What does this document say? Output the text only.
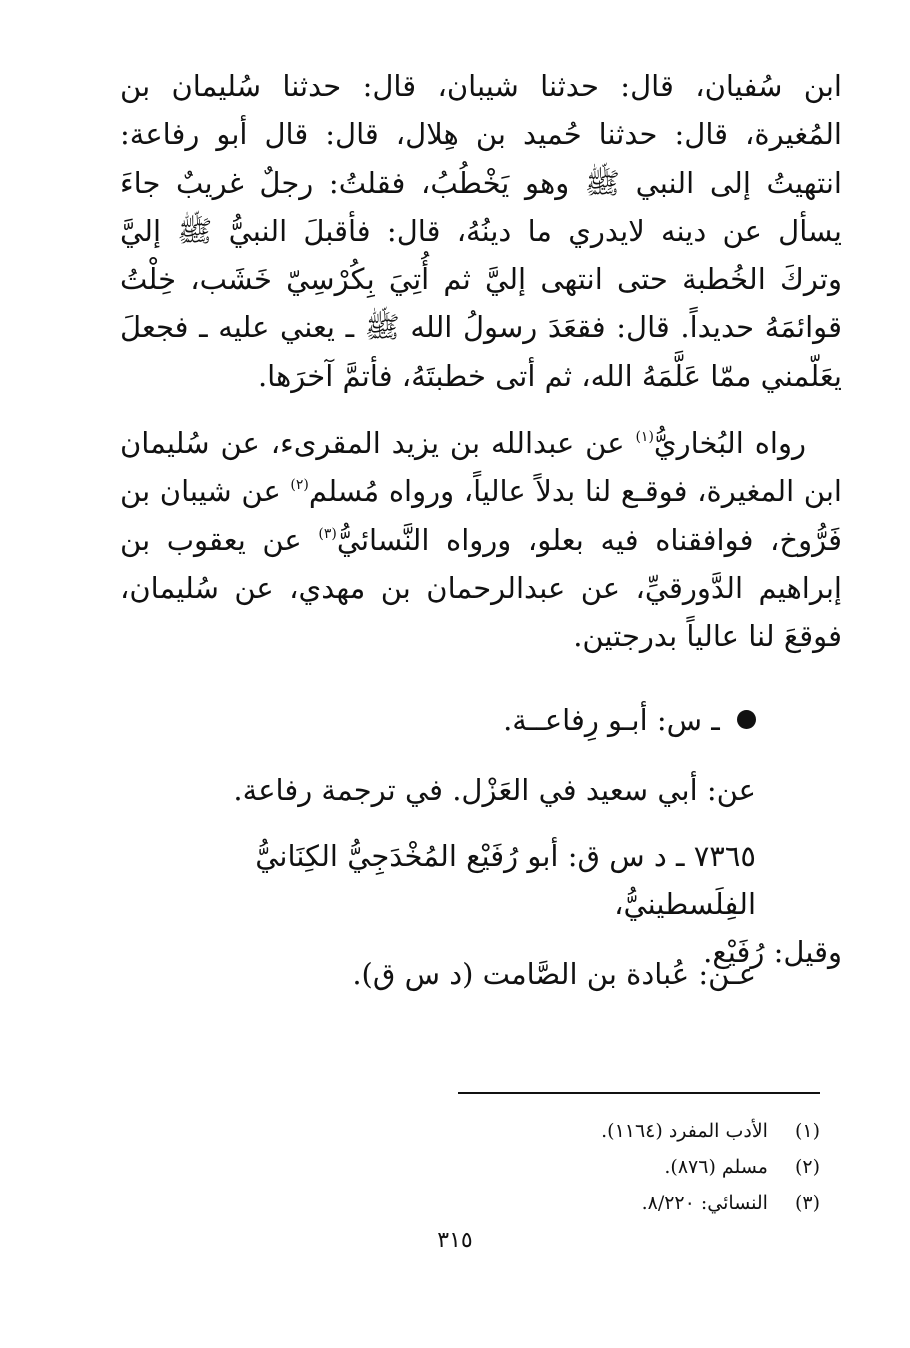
ابن سُفيان، قال: حدثنا شيبان، قال: حدثنا سُليمان بن المُغيرة، قال: حدثنا حُميد بن هِلال، قال: قال أبو رفاعة: انتهيتُ إلى النبي ﷺ وهو يَخْطُبُ، فقلتُ: رجلٌ غريبٌ جاءَ يسأل عن دينه لايدري ما دينُهُ، قال: فأقبلَ النبيُّ ﷺ إليَّ وتركَ الخُطبة حتى انتهى إليَّ ثم أُتِيَ بِكُرْسِيّ خَشَب، خِلْتُ قوائمَهُ حديداً. قال: فقعَدَ رسولُ الله ﷺ ـ يعني عليه ـ فجعلَ يعَلّمني ممّا عَلَّمَهُ الله، ثم أتى خطبتَهُ، فأتمَّ آخرَها.

رواه البُخاريُّ$^{(١)}$ عن عبدالله بن يزيد المقرىء، عن سُليمان ابن المغيرة، فوقـع لنا بدلاً عالياً، ورواه مُسلم$^{(٢)}$ عن شيبان بن فَرُّوخ، فوافقناه فيه بعلو، ورواه النَّسائيُّ$^{(٣)}$ عن يعقوب بن إبراهيم الدَّورقيِّ، عن عبدالرحمان بن مهدي، عن سُليمان، فوقعَ لنا عالياً بدرجتين.

ـ س: أبـو رِفاعــة.
عن: أبي سعيد في العَزْل. في ترجمة رفاعة.
٧٣٦٥ ـ د س ق: أبو رُفَيْع المُخْدَجِيُّ الكِنَانيُّ الفِلَسطينيُّ،
وقيل: رُفَيْع.
عـن: عُبادة بن الصَّامت (د س ق).
(١) الأدب المفرد (١١٦٤).
(٢) مسلم (٨٧٦).
(٣) النسائي: ٨/٢٢٠.
٣١٥
